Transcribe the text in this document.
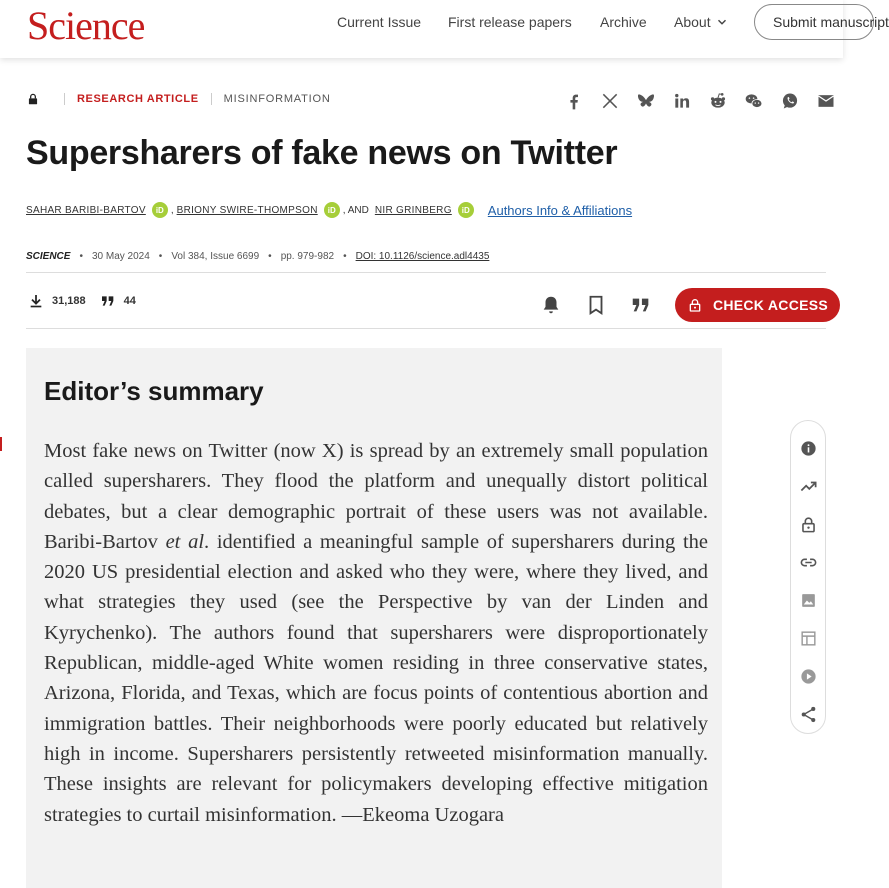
Science	Current Issue First release papers Archive About	Submit manuscript
RESEARCH ARTICLE MISINFORMATION
Supersharers of fake news on Twitter
SAHAR BARIBI-BARTOV	iD , BRIONY SWIRE-THOMPSON	iD , AND NIR GRINBERG	iD	Authors Info & Affiliations
SCIENCE • 30 May 2024 • Vol 384, Issue 6699 • pp. 979-982 • DOI: 10.1126/science.adl4435
31,188	44	CHECK ACCESS
Editor’s summary

Most fake news on Twitter (now X) is spread by an extremely small population called supersharers. They flood the platform and unequally distort political debates, but a clear demographic portrait of these users was not available. Baribi-Bartov et al. identified a meaningful sample of supersharers during the 2020 US presidential election and asked who they were, where they lived, and what strategies they used (see the Perspective by van der Linden and Kyrychenko). The authors found that supersharers were disproportionately Republican, middle-aged White women residing in three conservative states, Arizona, Florida, and Texas, which are focus points of contentious abortion and immigration battles. Their neighborhoods were poorly educated but relatively high in income. Supersharers persistently retweeted misinformation manually. These insights are relevant for policymakers developing effective mitigation strategies to curtail misinformation. —Ekeoma Uzogara
